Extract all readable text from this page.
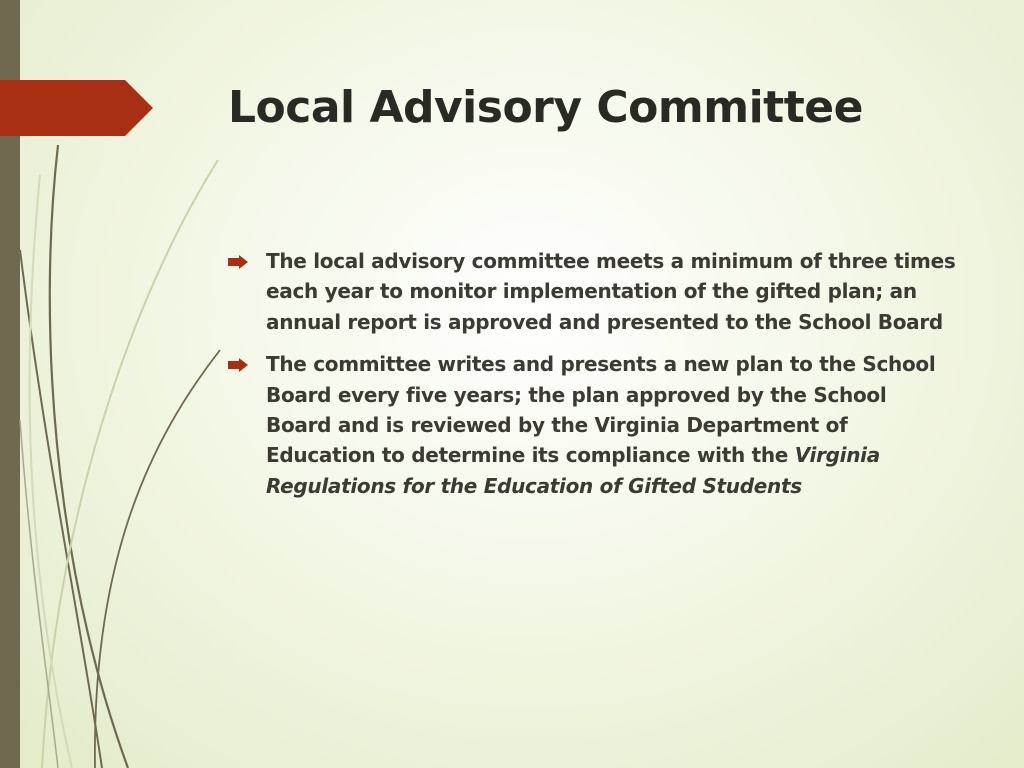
Local Advisory Committee
The local advisory committee meets a minimum of three times each year to monitor implementation of the gifted plan; an annual report is approved and presented to the School Board
The committee writes and presents a new plan to the School Board every five years; the plan approved by the School Board and is reviewed by the Virginia Department of Education to determine its compliance with the Virginia Regulations for the Education of Gifted Students
